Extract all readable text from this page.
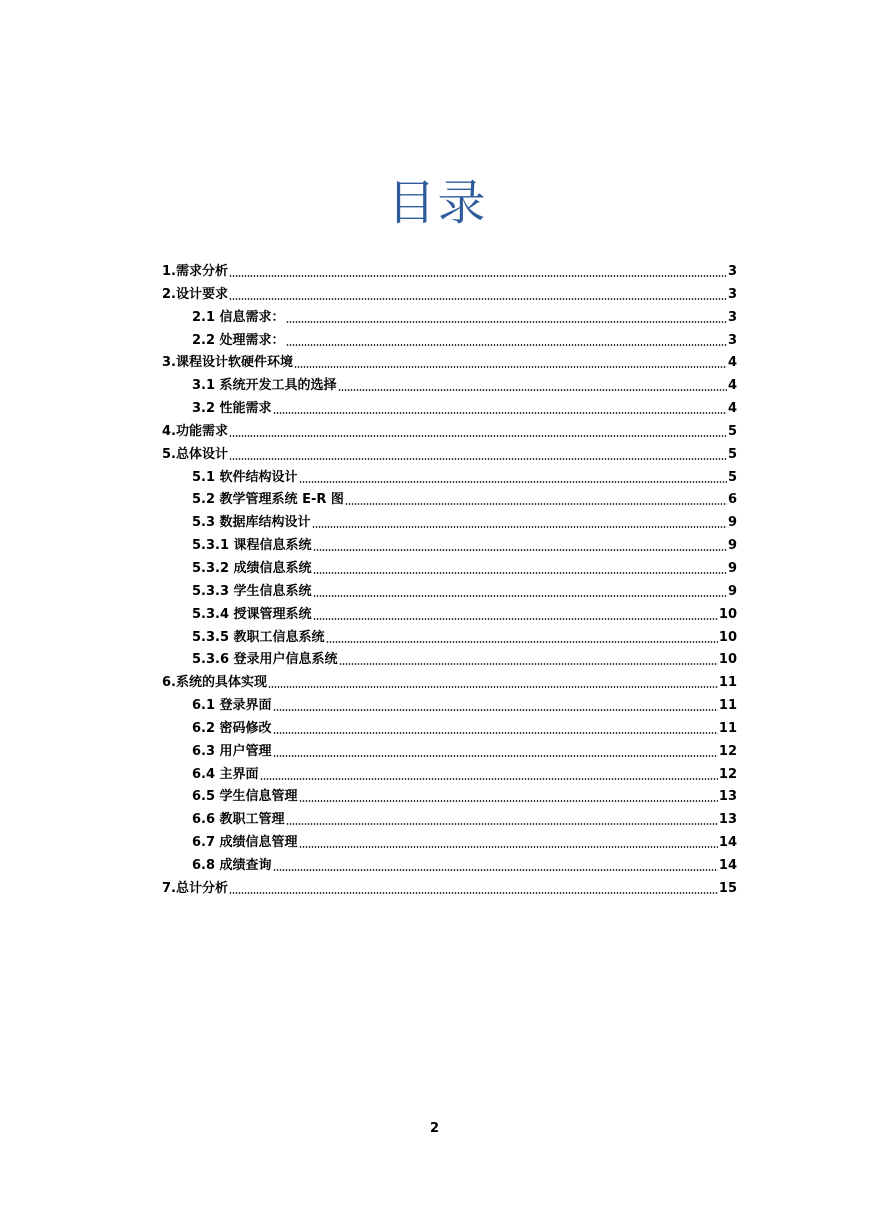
目录
1.需求分析	3
2.设计要求	3
2.1 信息需求：	3
2.2 处理需求：	3
3.课程设计软硬件环境	4
3.1 系统开发工具的选择	4
3.2 性能需求	4
4.功能需求	5
5.总体设计	5
5.1 软件结构设计	5
5.2 教学管理系统 E-R 图	6
5.3 数据库结构设计	9
5.3.1 课程信息系统	9
5.3.2 成绩信息系统	9
5.3.3 学生信息系统	9
5.3.4 授课管理系统	10
5.3.5 教职工信息系统	10
5.3.6 登录用户信息系统	10
6.系统的具体实现	11
6.1 登录界面	11
6.2 密码修改	11
6.3 用户管理	12
6.4 主界面	12
6.5 学生信息管理	13
6.6 教职工管理	13
6.7 成绩信息管理	14
6.8 成绩查询	14
7.总计分析	15
2
